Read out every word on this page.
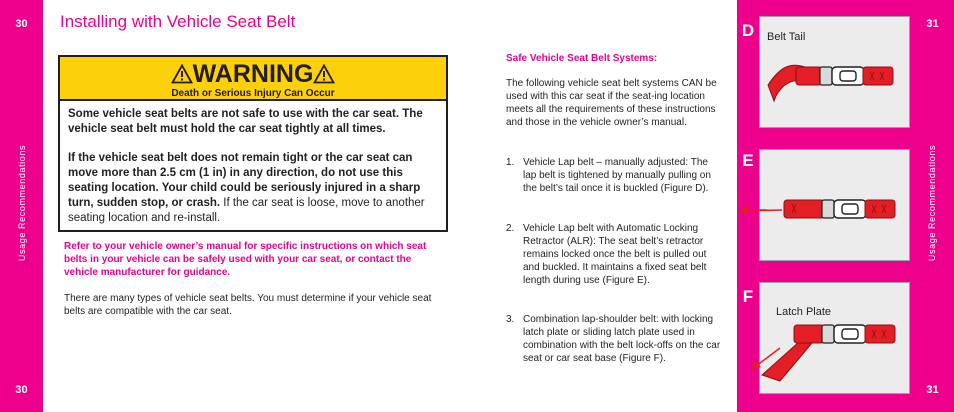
30
30
Usage Recommendations
31
31
Usage Recommendations
Installing with Vehicle Seat Belt
WARNING
Death or Serious Injury Can Occur

Some vehicle seat belts are not safe to use with the car seat. The vehicle seat belt must hold the car seat tightly at all times.

If the vehicle seat belt does not remain tight or the car seat can move more than 2.5 cm (1 in) in any direction, do not use this seating location. Your child could be seriously injured in a sharp turn, sudden stop, or crash. If the car seat is loose, move to another seating location and re-install.

Refer to your vehicle owner’s manual for specific instructions on which seat belts in your vehicle can be safely used with your car seat, or contact the vehicle manufacturer for guidance.
There are many types of vehicle seat belts. You must determine if your vehicle seat belts are compatible with the car seat.
Safe Vehicle Seat Belt Systems:
The following vehicle seat belt systems CAN be used with this car seat if the seat-ing location meets all the requirements of these instructions and those in the vehicle owner’s manual.
1. Vehicle Lap belt – manually adjusted: The lap belt is tightened by manually pulling on the belt’s tail once it is buckled (Figure D).
2. Vehicle Lap belt with Automatic Locking Retractor (ALR): The seat belt’s retractor remains locked once the belt is pulled out and buckled. It maintains a fixed seat belt length during use (Figure E).
3. Combination lap-shoulder belt: with locking latch plate or sliding latch plate used in combination with the belt lock-offs on the car seat or car seat base (Figure F).
D	Belt Tail
E
F
Latch Plate
